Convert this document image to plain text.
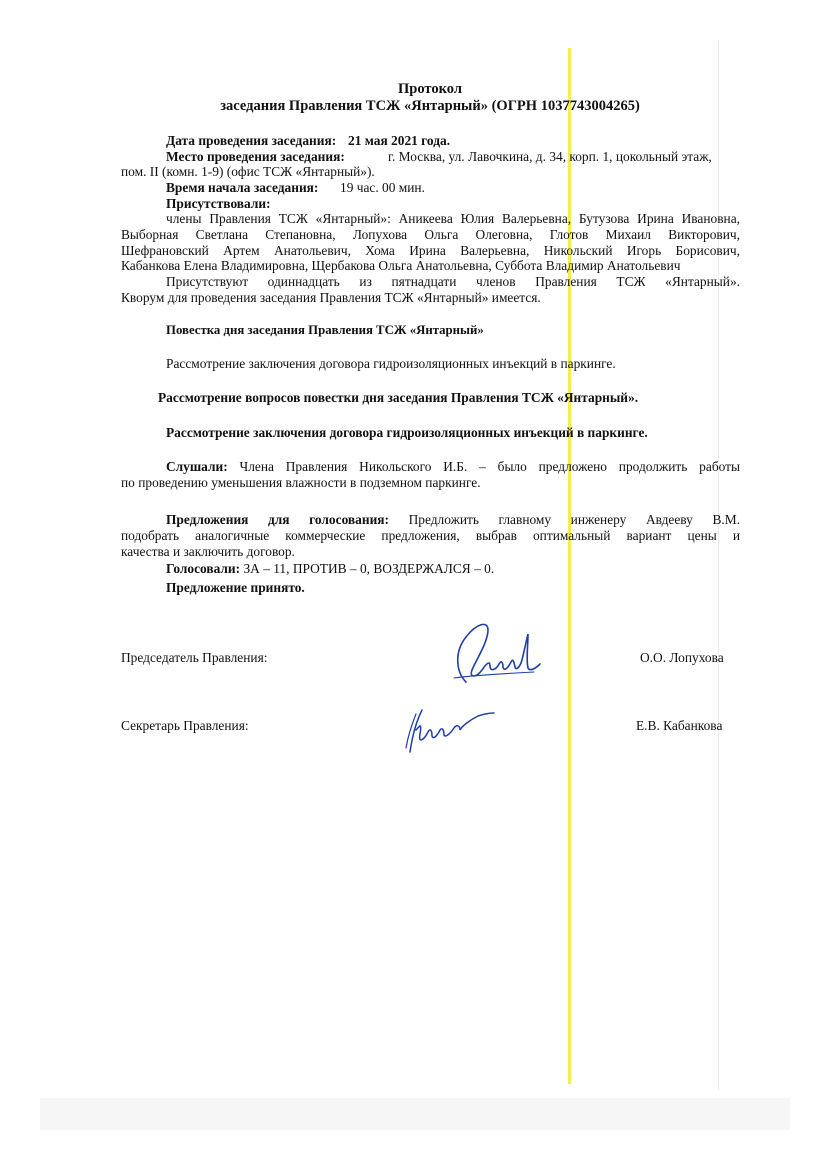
Протокол
заседания Правления ТСЖ «Янтарный» (ОГРН 1037743004265)
Дата проведения заседания: 21 мая 2021 года.
Место проведения заседания:	г. Москва, ул. Лавочкина, д. 34, корп. 1, цокольный этаж,
пом. II (комн. 1-9) (офис ТСЖ «Янтарный»).
Время начала заседания: 19 час. 00 мин.
Присутствовали:
члены Правления ТСЖ «Янтарный»: Аникеева Юлия Валерьевна, Бутузова Ирина Ивановна,
Выборная Светлана Степановна, Лопухова Ольга Олеговна, Глотов Михаил Викторович,
Шефрановский Артем Анатольевич, Хома Ирина Валерьевна, Никольский Игорь Борисович,
Кабанкова Елена Владимировна, Щербакова Ольга Анатольевна, Суббота Владимир Анатольевич
Присутствуют одиннадцать из пятнадцати членов Правления ТСЖ «Янтарный».
Кворум для проведения заседания Правления ТСЖ «Янтарный» имеется.
Повестка дня заседания Правления ТСЖ «Янтарный»
Рассмотрение заключения договора гидроизоляционных инъекций в паркинге.
Рассмотрение вопросов повестки дня заседания Правления ТСЖ «Янтарный».
Рассмотрение заключения договора гидроизоляционных инъекций в паркинге.
Слушали: Члена Правления Никольского И.Б. – было предложено продолжить работы
по проведению уменьшения влажности в подземном паркинге.
Предложения для голосования: Предложить главному инженеру Авдееву В.М.
подобрать аналогичные коммерческие предложения, выбрав оптимальный вариант цены и
качества и заключить договор.
Голосовали: ЗА – 11, ПРОТИВ – 0, ВОЗДЕРЖАЛСЯ – 0.
Предложение принято.
Председатель Правления:	О.О. Лопухова
Секретарь Правления:	Е.В. Кабанкова
